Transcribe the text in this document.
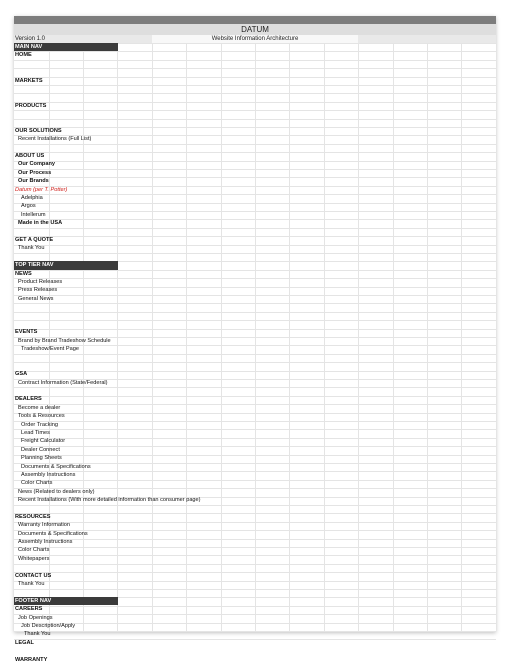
DATUM
Version 1.0	Website Information Architecture
MAIN NAV
HOME
MARKETS
PRODUCTS
OUR SOLUTIONS
Recent Installations (Full List)
ABOUT US
Our Company
Our Process
Our Brands
Datum (per T. Potter)
Adelphia
Argos
Intellerum
Made in the USA
GET A QUOTE
Thank You
TOP TIER NAV
NEWS
Product Releases
Press Releases
General News
EVENTS
Brand by Brand Tradeshow Schedule
Tradeshow/Event Page
GSA
Contract Information (State/Federal)
DEALERS
Become a dealer
Tools & Resources
Order Tracking
Lead Times
Freight Calculator
Dealer Connect
Planning Sheets
Documents & Specifications
Assembly Instructions
Color Charts
News (Related to dealers only)
Recent Installations (With more detailed information than consumer page)
RESOURCES
Warranty Information
Documents & Specifications
Assembly Instructions
Color Charts
Whitepapers
CONTACT US
Thank You
FOOTER NAV
CAREERS
Job Openings
Job Description/Apply
Thank You
LEGAL
WARRANTY
